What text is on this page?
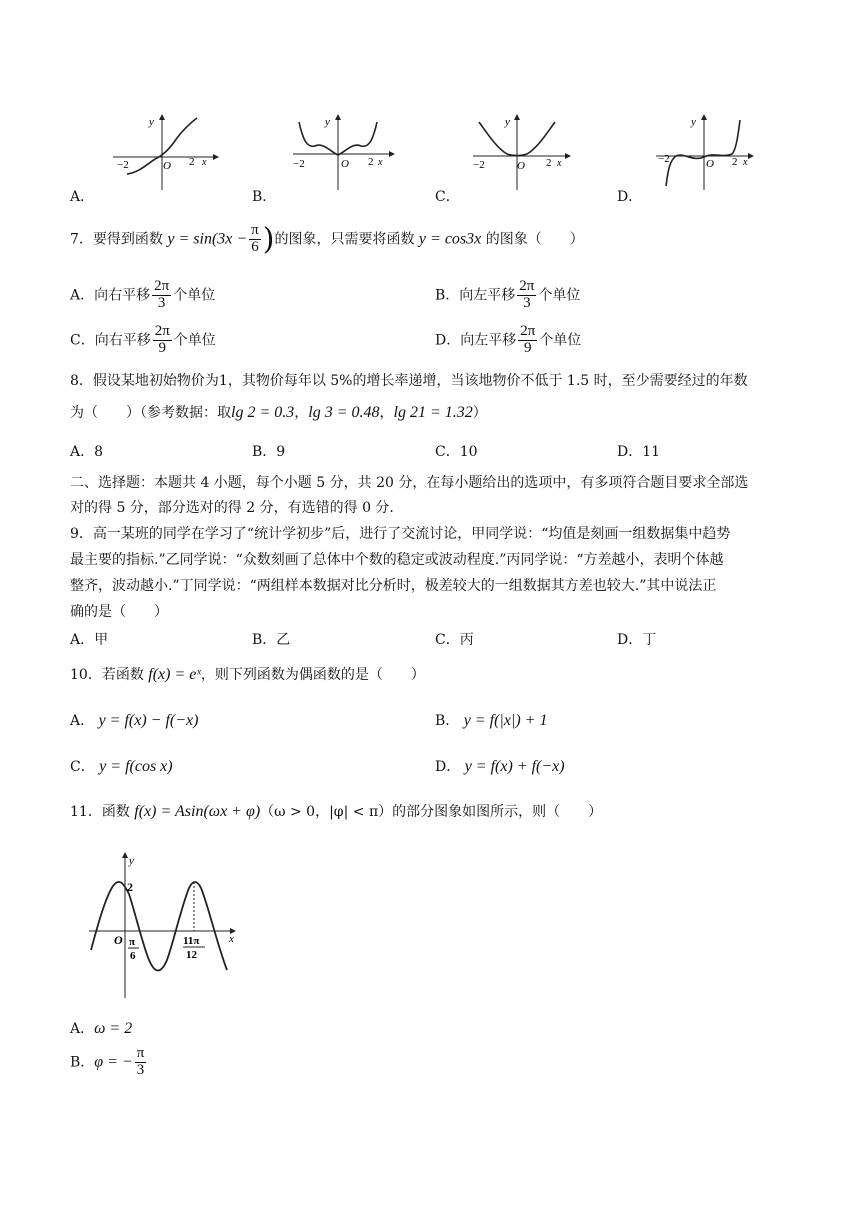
y
−2	O 2 x
y
−2	O 2 x
y
−2	O 2 x
y
−2	O 2 x
A．	B．	C．	D．
7．要得到函数 $y = \sin(3x - \frac{\pi}{6}$ )的图象，只需要将函数 y = cos3x 的图象（　　）
A．向右平移 $\frac{2\pi}{3}$ 个单位	B．向左平移 $\frac{2\pi}{3}$ 个单位
C．向右平移 $\frac{2\pi}{9}$ 个单位	D．向左平移 $\frac{2\pi}{9}$ 个单位
8．假设某地初始物价为1，其物价每年以 5%的增长率递增，当该地物价不低于 1.5 时，至少需要经过的年数
为（　　）（参考数据：取lg 2 = 0.3，lg 3 = 0.48，lg 21 = 1.32）
A．8	B．9	C．10	D．11
二、选择题：本题共 4 小题，每个小题 5 分，共 20 分，在每小题给出的选项中，有多项符合题目要求全部选
对的得 5 分，部分选对的得 2 分，有选错的得 0 分.
9．高一某班的同学在学习了“统计学初步”后，进行了交流讨论，甲同学说：“均值是刻画一组数据集中趋势
最主要的指标.”乙同学说：“众数刻画了总体中个数的稳定或波动程度.”丙同学说：“方差越小，表明个体越
整齐，波动越小.”丁同学说：“两组样本数据对比分析时，极差较大的一组数据其方差也较大.”其中说法正
确的是（　　）
A．甲	B．乙	C．丙	D．丁
10．若函数 f(x) = eˣ，则下列函数为偶函数的是（　　）
A． y = f(x) − f(−x)	B． y = f(|x|) + 1
C． y = f(cos x)	D． y = f(x) + f(−x)
11．函数 f(x) = Asin(ωx + φ)（ω > 0，|φ| < π）的部分图象如图所示，则（　　）
y
2
O π
6
11π
12
x
A．ω = 2
B．φ = − $\frac{\pi}{3}$
